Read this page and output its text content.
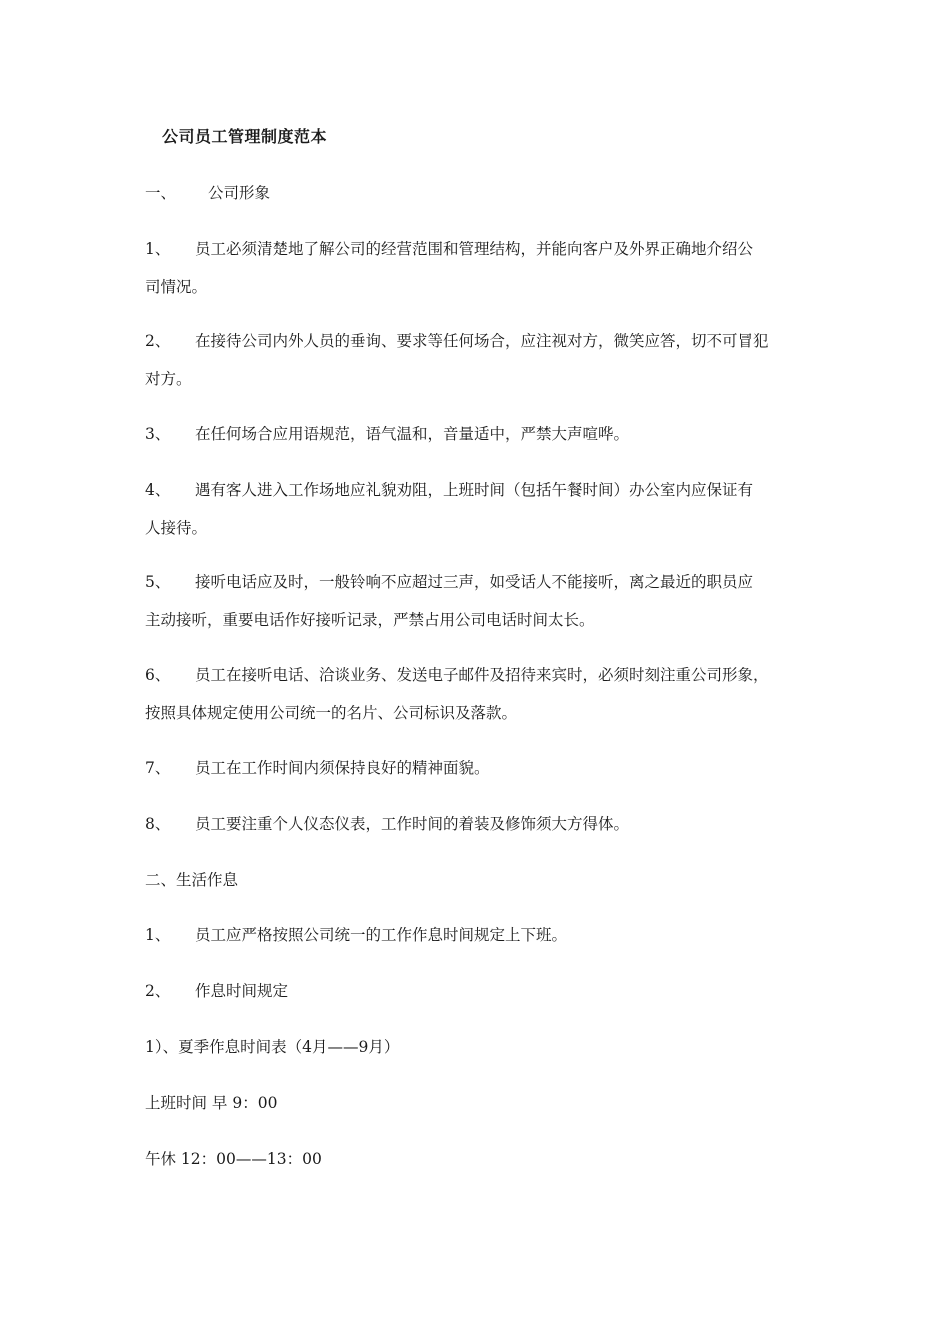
公司员工管理制度范本
一、 公司形象
1、 员工必须清楚地了解公司的经营范围和管理结构，并能向客户及外界正确地介绍公
司情况。
2、 在接待公司内外人员的垂询、要求等任何场合，应注视对方，微笑应答，切不可冒犯
对方。
3、 在任何场合应用语规范，语气温和，音量适中，严禁大声喧哗。
4、 遇有客人进入工作场地应礼貌劝阻，上班时间（包括午餐时间）办公室内应保证有
人接待。
5、 接听电话应及时，一般铃响不应超过三声，如受话人不能接听，离之最近的职员应
主动接听，重要电话作好接听记录，严禁占用公司电话时间太长。
6、 员工在接听电话、洽谈业务、发送电子邮件及招待来宾时，必须时刻注重公司形象，
按照具体规定使用公司统一的名片、公司标识及落款。
7、 员工在工作时间内须保持良好的精神面貌。
8、 员工要注重个人仪态仪表，工作时间的着装及修饰须大方得体。
二、生活作息
1、 员工应严格按照公司统一的工作作息时间规定上下班。
2、 作息时间规定
1）、夏季作息时间表（4月——9月）
上班时间 早 9：00
午休 12：00——13：00
